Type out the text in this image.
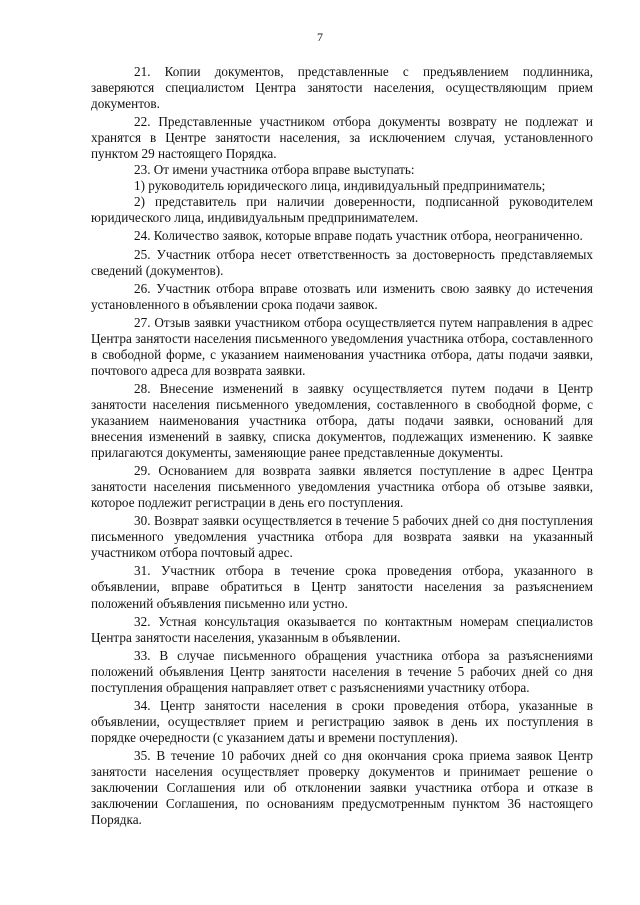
7

21. Копии документов, представленные с предъявлением подлинника, заверяются специалистом Центра занятости населения, осуществляющим прием документов.

22. Представленные участником отбора документы возврату не подлежат и хранятся в Центре занятости населения, за исключением случая, установленного пунктом 29 настоящего Порядка.

23. От имени участника отбора вправе выступать:

1) руководитель юридического лица, индивидуальный предприниматель;

2) представитель при наличии доверенности, подписанной руководителем юридического лица, индивидуальным предпринимателем.

24. Количество заявок, которые вправе подать участник отбора, неограниченно.

25. Участник отбора несет ответственность за достоверность представляемых сведений (документов).

26. Участник отбора вправе отозвать или изменить свою заявку до истечения установленного в объявлении срока подачи заявок.

27. Отзыв заявки участником отбора осуществляется путем направления в адрес Центра занятости населения письменного уведомления участника отбора, составленного в свободной форме, с указанием наименования участника отбора, даты подачи заявки, почтового адреса для возврата заявки.

28. Внесение изменений в заявку осуществляется путем подачи в Центр занятости населения письменного уведомления, составленного в свободной форме, с указанием наименования участника отбора, даты подачи заявки, оснований для внесения изменений в заявку, списка документов, подлежащих изменению. К заявке прилагаются документы, заменяющие ранее представленные документы.

29. Основанием для возврата заявки является поступление в адрес Центра занятости населения письменного уведомления участника отбора об отзыве заявки, которое подлежит регистрации в день его поступления.

30. Возврат заявки осуществляется в течение 5 рабочих дней со дня поступления письменного уведомления участника отбора для возврата заявки на указанный участником отбора почтовый адрес.

31. Участник отбора в течение срока проведения отбора, указанного в объявлении, вправе обратиться в Центр занятости населения за разъяснением положений объявления письменно или устно.

32. Устная консультация оказывается по контактным номерам специалистов Центра занятости населения, указанным в объявлении.

33. В случае письменного обращения участника отбора за разъяснениями положений объявления Центр занятости населения в течение 5 рабочих дней со дня поступления обращения направляет ответ с разъяснениями участнику отбора.

34. Центр занятости населения в сроки проведения отбора, указанные в объявлении, осуществляет прием и регистрацию заявок в день их поступления в порядке очередности (с указанием даты и времени поступления).

35. В течение 10 рабочих дней со дня окончания срока приема заявок Центр занятости населения осуществляет проверку документов и принимает решение о заключении Соглашения или об отклонении заявки участника отбора и отказе в заключении Соглашения, по основаниям предусмотренным пунктом 36 настоящего Порядка.
